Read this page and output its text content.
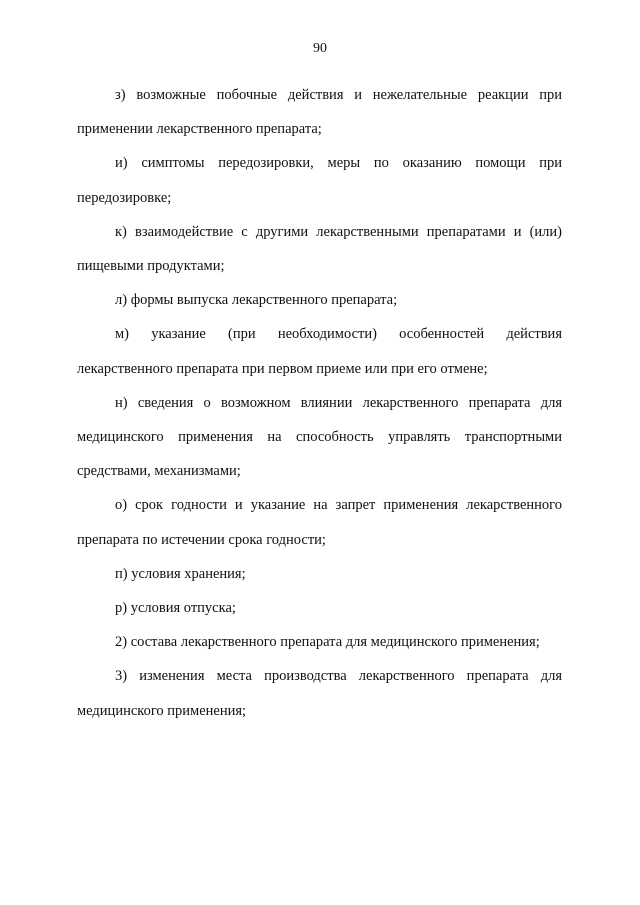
90

з) возможные побочные действия и нежелательные реакции при применении лекарственного препарата;

и) симптомы передозировки, меры по оказанию помощи при передозировке;

к) взаимодействие с другими лекарственными препаратами и (или) пищевыми продуктами;

л) формы выпуска лекарственного препарата;

м) указание (при необходимости) особенностей действия лекарственного препарата при первом приеме или при его отмене;

н) сведения о возможном влиянии лекарственного препарата для медицинского применения на способность управлять транспортными средствами, механизмами;

о) срок годности и указание на запрет применения лекарственного препарата по истечении срока годности;

п) условия хранения;

р) условия отпуска;

2) состава лекарственного препарата для медицинского применения;

3) изменения места производства лекарственного препарата для медицинского применения;
